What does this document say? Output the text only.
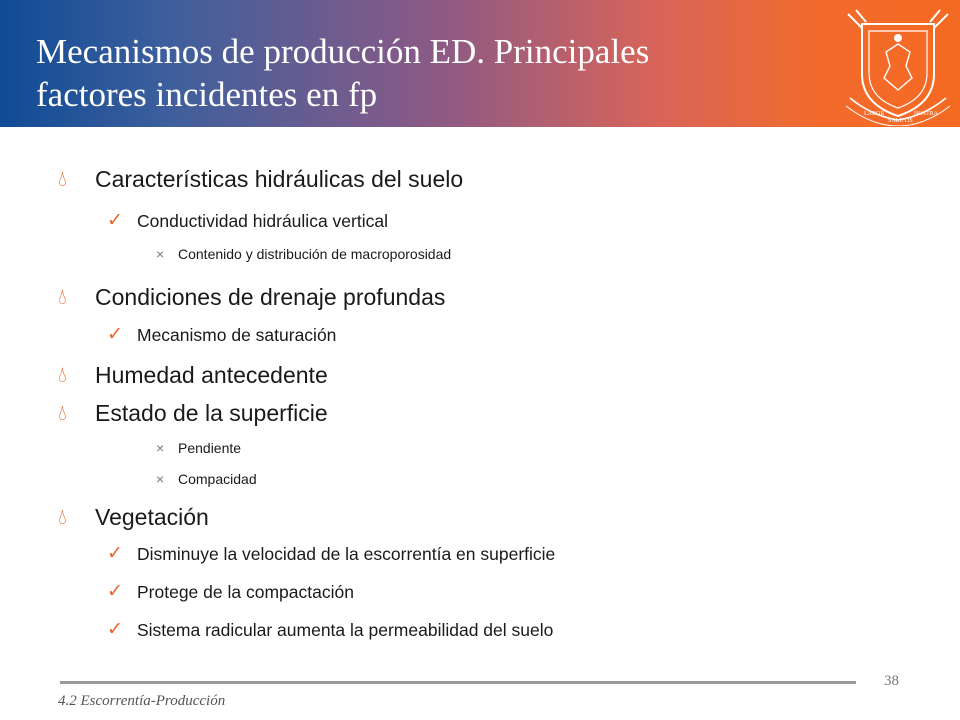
Mecanismos de producción ED. Principales
factores incidentes en fp	LABOR
SALUTIS
NOSTRA
💧︎ Características hidráulicas del suelo
✓ Conductividad hidráulica vertical
× Contenido y distribución de macroporosidad
💧︎ Condiciones de drenaje profundas
✓ Mecanismo de saturación
💧︎ Humedad antecedente
💧︎ Estado de la superficie
× Pendiente
× Compacidad
💧︎ Vegetación
✓ Disminuye la velocidad de la escorrentía en superficie
✓ Protege de la compactación
✓ Sistema radicular aumenta la permeabilidad del suelo
38
4.2 Escorrentía-Producción
